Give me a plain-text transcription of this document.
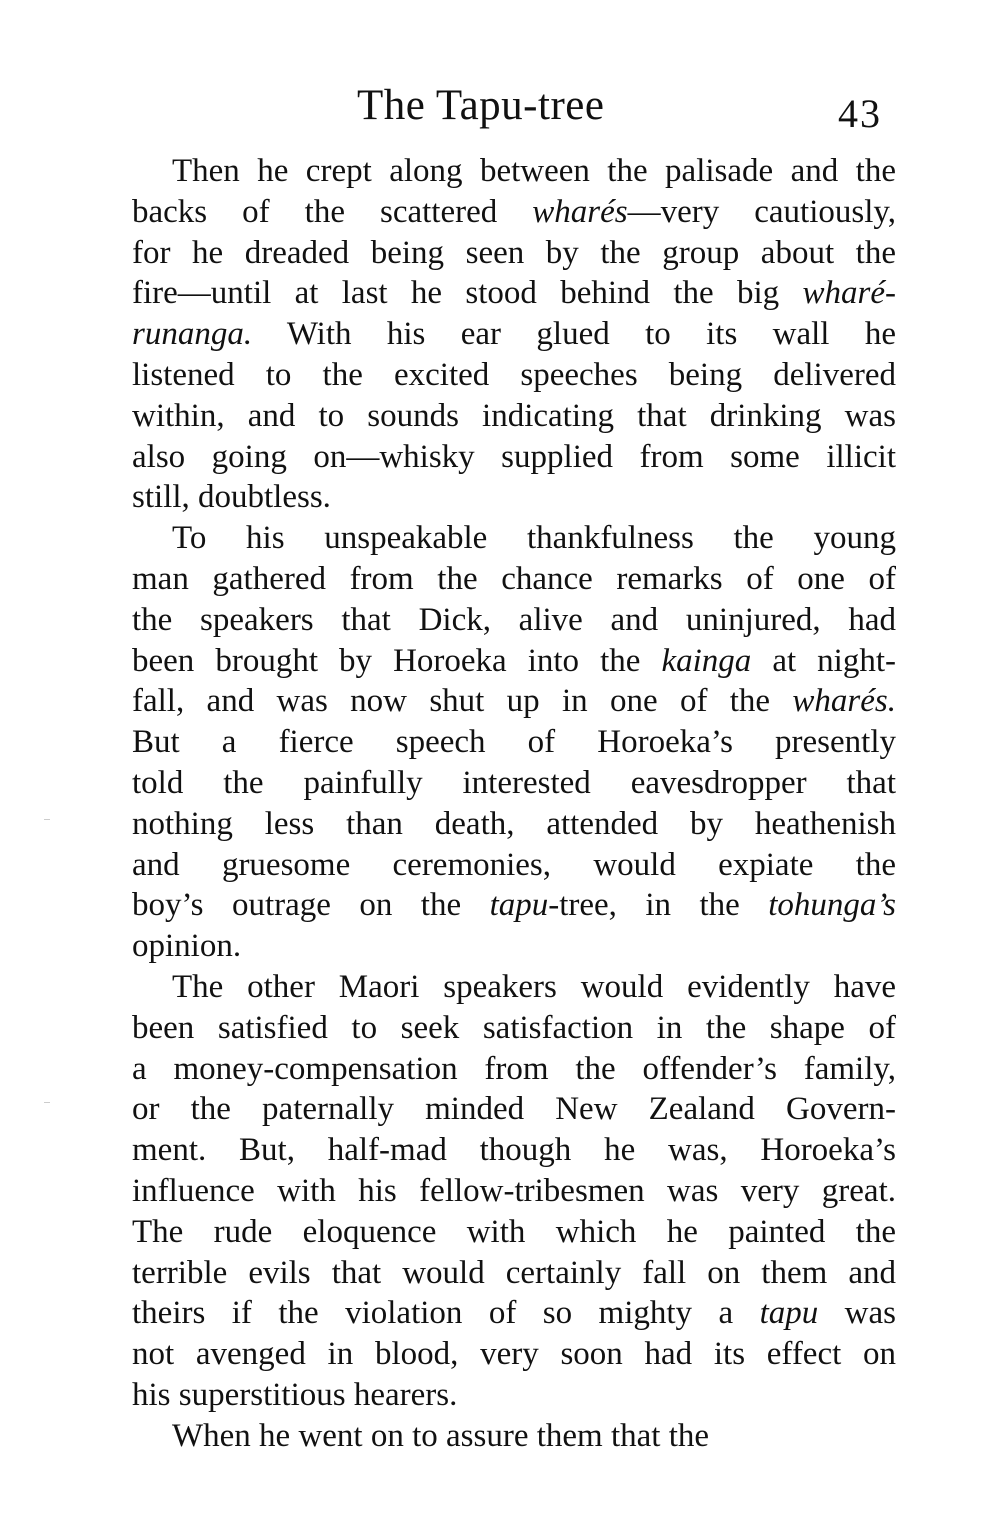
The Tapu-tree	43
Then he crept along between the palisade and the
backs of the scattered wharés—very cautiously,
for he dreaded being seen by the group about the
fire—until at last he stood behind the big wharé-
runanga. With his ear glued to its wall he
listened to the excited speeches being delivered
within, and to sounds indicating that drinking was
also going on—whisky supplied from some illicit
still, doubtless.
To his unspeakable thankfulness the young
man gathered from the chance remarks of one of
the speakers that Dick, alive and uninjured, had
been brought by Horoeka into the kainga at night-
fall, and was now shut up in one of the wharés.
But a fierce speech of Horoeka’s presently
told the painfully interested eavesdropper that
nothing less than death, attended by heathenish
and gruesome ceremonies, would expiate the
boy’s outrage on the tapu-tree, in the tohunga’s
opinion.
The other Maori speakers would evidently have
been satisfied to seek satisfaction in the shape of
a money-compensation from the offender’s family,
or the paternally minded New Zealand Govern-
ment. But, half-mad though he was, Horoeka’s
influence with his fellow-tribesmen was very great.
The rude eloquence with which he painted the
terrible evils that would certainly fall on them and
theirs if the violation of so mighty a tapu was
not avenged in blood, very soon had its effect on
his superstitious hearers.
When he went on to assure them that the
